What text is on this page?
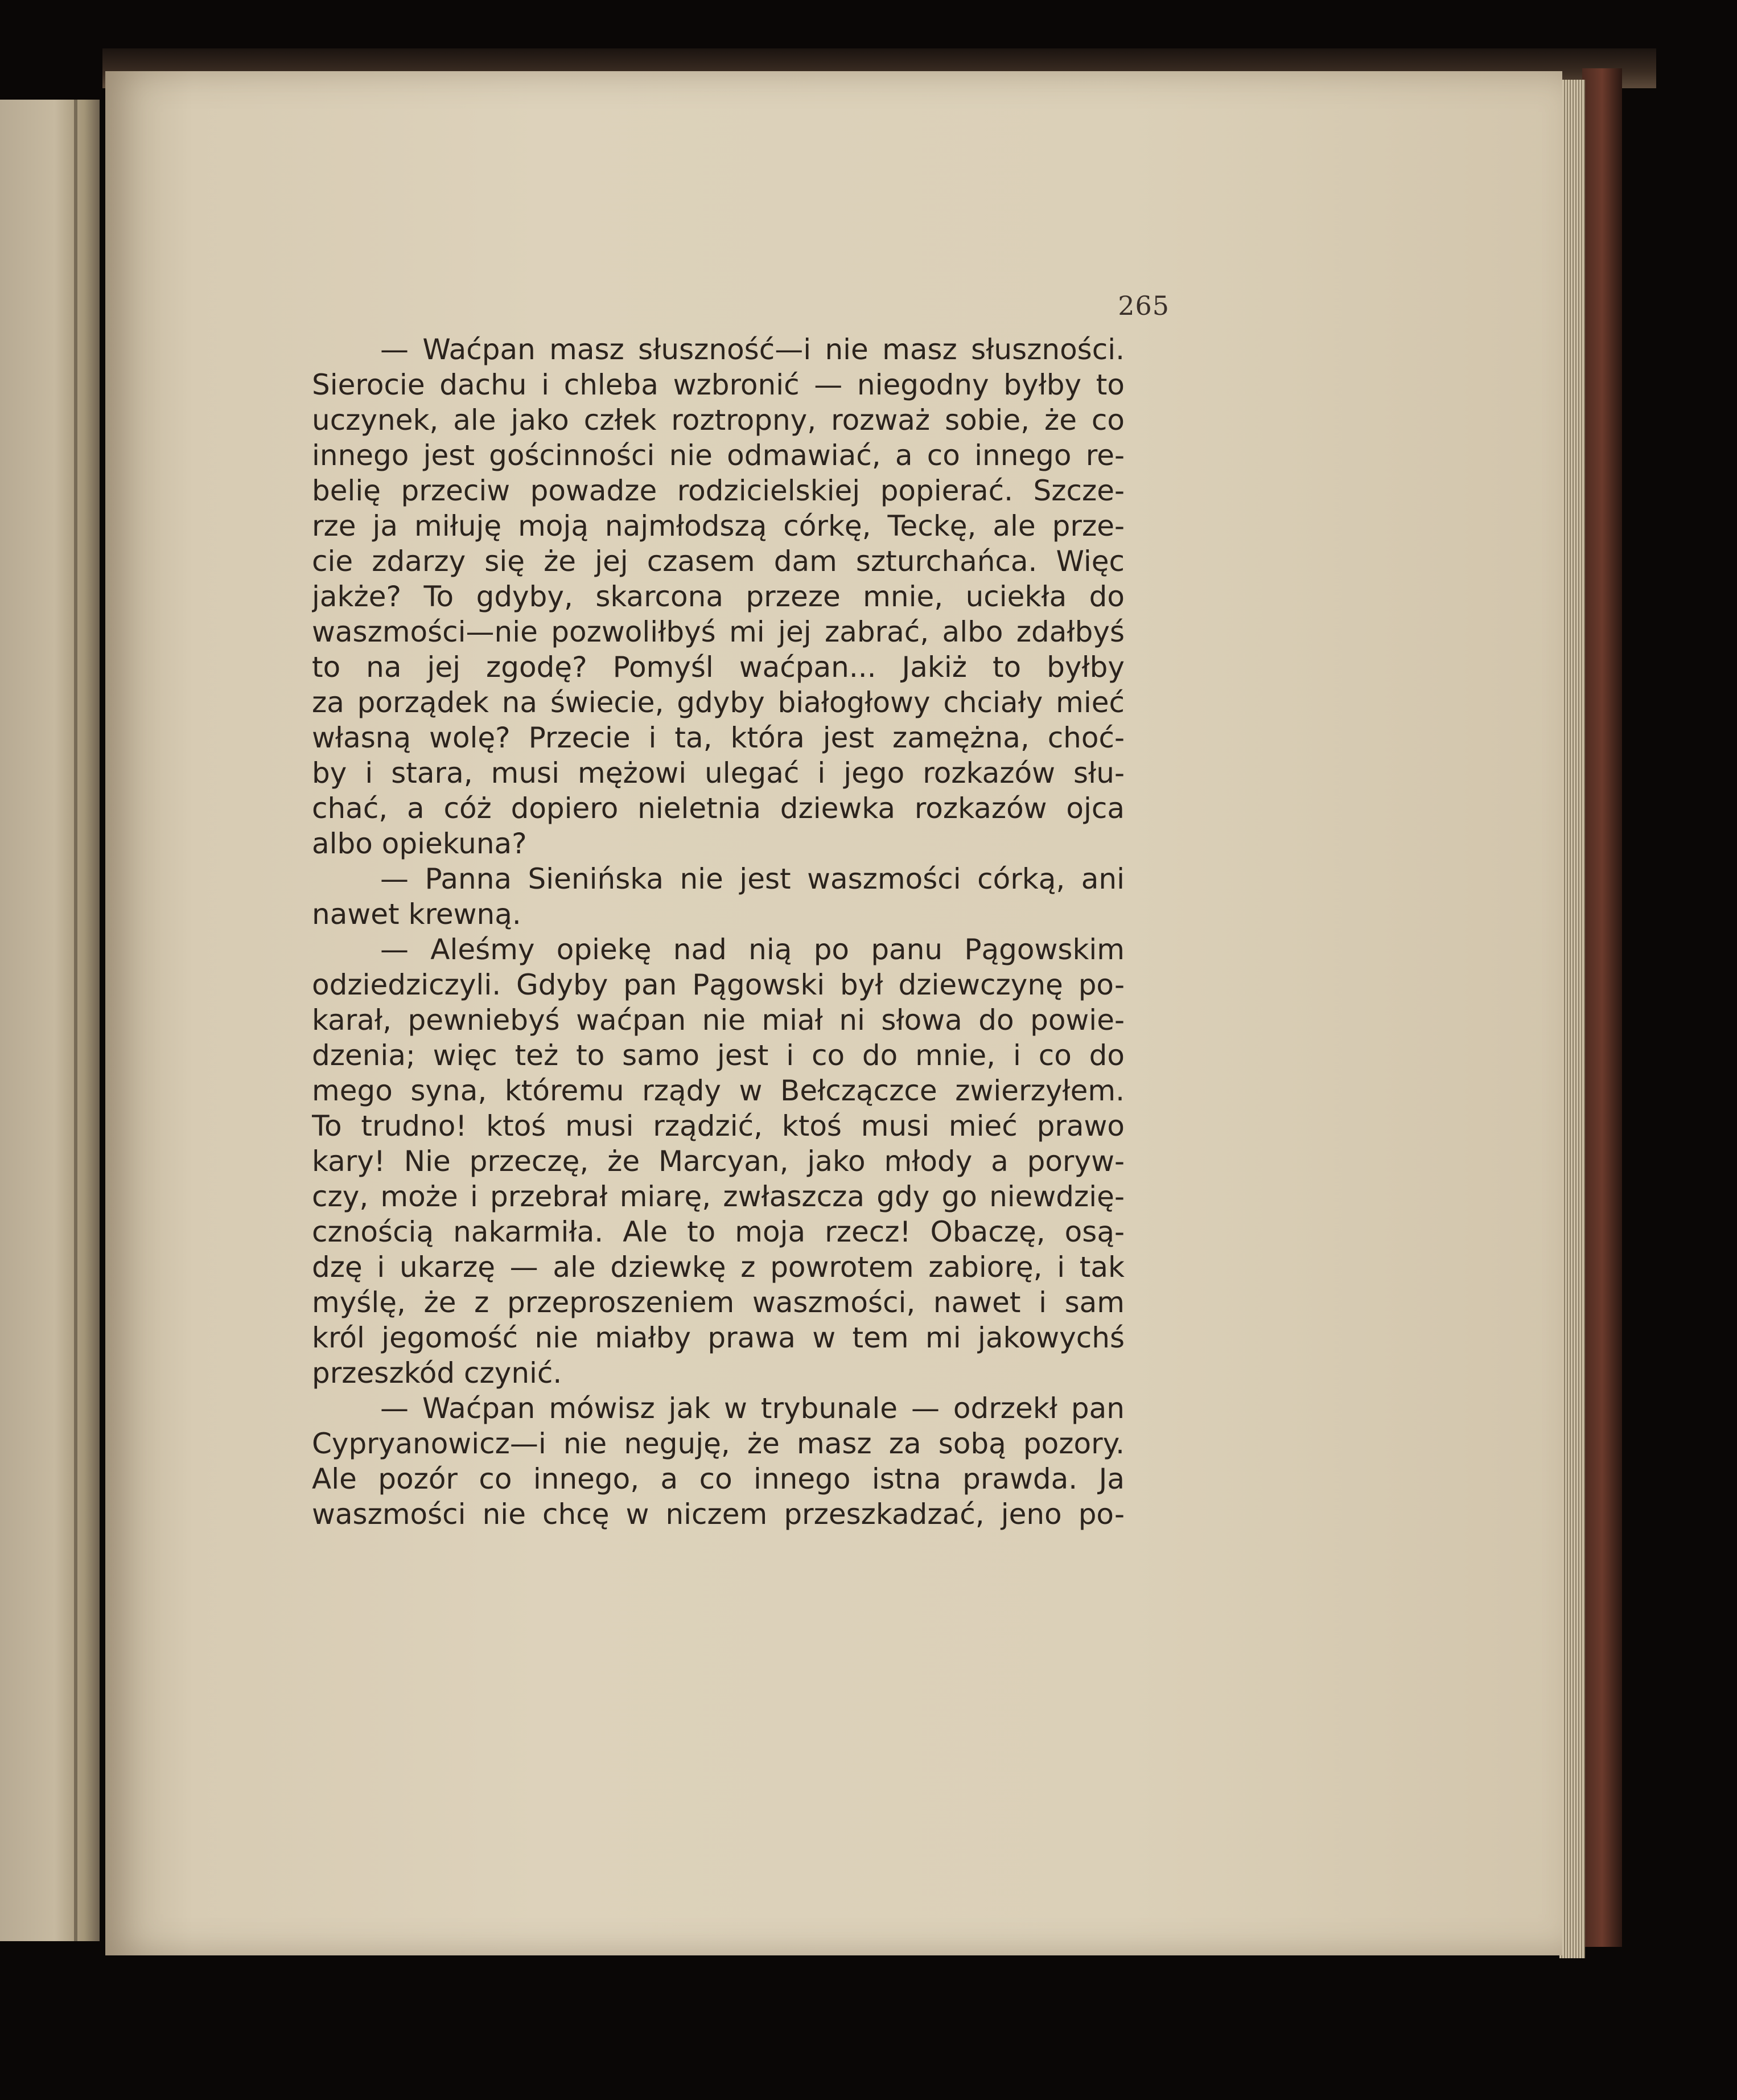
265
— Waćpan masz słuszność—i nie masz słuszności.
Sierocie dachu i chleba wzbronić — niegodny byłby to
uczynek, ale jako człek roztropny, rozważ sobie, że co
innego jest gościnności nie odmawiać, a co innego re-
belię przeciw powadze rodzicielskiej popierać. Szcze-
rze ja miłuję moją najmłodszą córkę, Teckę, ale prze-
cie zdarzy się że jej czasem dam szturchańca. Więc
jakże? To gdyby, skarcona przeze mnie, uciekła do
waszmości—nie pozwoliłbyś mi jej zabrać, albo zdałbyś
to na jej zgodę? Pomyśl waćpan... Jakiż to byłby
za porządek na świecie, gdyby białogłowy chciały mieć
własną wolę? Przecie i ta, która jest zamężna, choć-
by i stara, musi mężowi ulegać i jego rozkazów słu-
chać, a cóż dopiero nieletnia dziewka rozkazów ojca
albo opiekuna?
— Panna Sienińska nie jest waszmości córką, ani
nawet krewną.
— Aleśmy opiekę nad nią po panu Pągowskim
odziedziczyli. Gdyby pan Pągowski był dziewczynę po-
karał, pewniebyś waćpan nie miał ni słowa do powie-
dzenia; więc też to samo jest i co do mnie, i co do
mego syna, któremu rządy w Bełczączce zwierzyłem.
To trudno! ktoś musi rządzić, ktoś musi mieć prawo
kary! Nie przeczę, że Marcyan, jako młody a poryw-
czy, może i przebrał miarę, zwłaszcza gdy go niewdzię-
cznością nakarmiła. Ale to moja rzecz! Obaczę, osą-
dzę i ukarzę — ale dziewkę z powrotem zabiorę, i tak
myślę, że z przeproszeniem waszmości, nawet i sam
król jegomość nie miałby prawa w tem mi jakowychś
przeszkód czynić.
— Waćpan mówisz jak w trybunale — odrzekł pan
Cypryanowicz—i nie neguję, że masz za sobą pozory.
Ale pozór co innego, a co innego istna prawda. Ja
waszmości nie chcę w niczem przeszkadzać, jeno po-
